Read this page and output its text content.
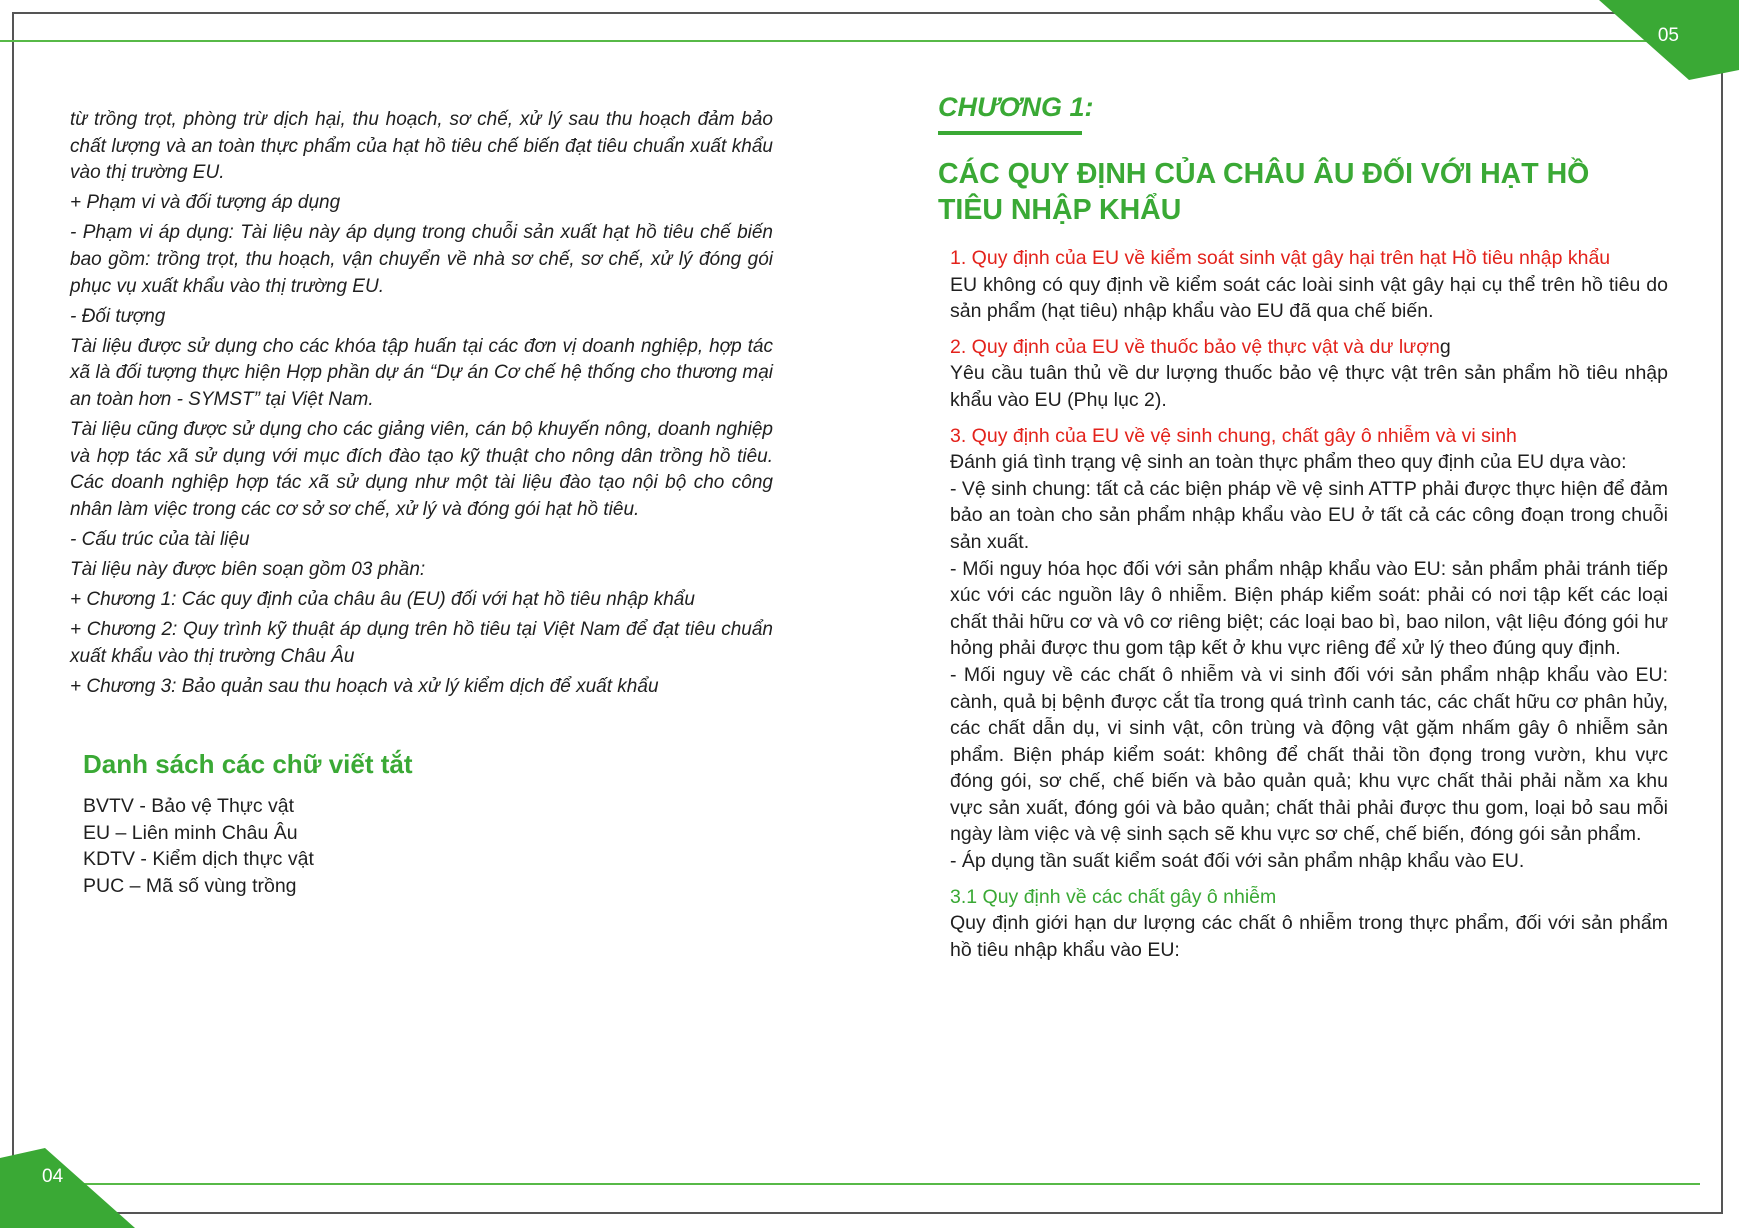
05
04

từ trồng trọt, phòng trừ dịch hại, thu hoạch, sơ chế, xử lý sau thu hoạch đảm bảo chất lượng và an toàn thực phẩm của hạt hồ tiêu chế biến đạt tiêu chuẩn xuất khẩu vào thị trường EU.

+ Phạm vi và đối tượng áp dụng

- Phạm vi áp dụng: Tài liệu này áp dụng trong chuỗi sản xuất hạt hồ tiêu chế biến bao gồm: trồng trọt, thu hoạch, vận chuyển về nhà sơ chế, sơ chế, xử lý đóng gói phục vụ xuất khẩu vào thị trường EU.

- Đối tượng

Tài liệu được sử dụng cho các khóa tập huấn tại các đơn vị doanh nghiệp, hợp tác xã là đối tượng thực hiện Hợp phần dự án “Dự án Cơ chế hệ thống cho thương mại an toàn hơn - SYMST” tại Việt Nam.

Tài liệu cũng được sử dụng cho các giảng viên, cán bộ khuyến nông, doanh nghiệp và hợp tác xã sử dụng với mục đích đào tạo kỹ thuật cho nông dân trồng hồ tiêu. Các doanh nghiệp hợp tác xã sử dụng như một tài liệu đào tạo nội bộ cho công nhân làm việc trong các cơ sở sơ chế, xử lý và đóng gói hạt hồ tiêu.

- Cấu trúc của tài liệu

Tài liệu này được biên soạn gồm 03 phần:

+ Chương 1: Các quy định của châu âu (EU) đối với hạt hồ tiêu nhập khẩu

+ Chương 2: Quy trình kỹ thuật áp dụng trên hồ tiêu tại Việt Nam để đạt tiêu chuẩn xuất khẩu vào thị trường Châu Âu

+ Chương 3: Bảo quản sau thu hoạch và xử lý kiểm dịch để xuất khẩu

Danh sách các chữ viết tắt
BVTV - Bảo vệ Thực vật
EU – Liên minh Châu Âu
KDTV - Kiểm dịch thực vật
PUC – Mã số vùng trồng
CHƯƠNG 1:
CÁC QUY ĐỊNH CỦA CHÂU ÂU ĐỐI VỚI HẠT HỒ TIÊU NHẬP KHẨU

1. Quy định của EU về kiểm soát sinh vật gây hại trên hạt Hồ tiêu nhập khẩu

EU không có quy định về kiểm soát các loài sinh vật gây hại cụ thể trên hồ tiêu do sản phẩm (hạt tiêu) nhập khẩu vào EU đã qua chế biến.

2. Quy định của EU về thuốc bảo vệ thực vật và dư lượng

Yêu cầu tuân thủ về dư lượng thuốc bảo vệ thực vật trên sản phẩm hồ tiêu nhập khẩu vào EU (Phụ lục 2).

3. Quy định của EU về vệ sinh chung, chất gây ô nhiễm và vi sinh

Đánh giá tình trạng vệ sinh an toàn thực phẩm theo quy định của EU dựa vào:

- Vệ sinh chung: tất cả các biện pháp về vệ sinh ATTP phải được thực hiện để đảm bảo an toàn cho sản phẩm nhập khẩu vào EU ở tất cả các công đoạn trong chuỗi sản xuất.

- Mối nguy hóa học đối với sản phẩm nhập khẩu vào EU: sản phẩm phải tránh tiếp xúc với các nguồn lây ô nhiễm. Biện pháp kiểm soát: phải có nơi tập kết các loại chất thải hữu cơ và vô cơ riêng biệt; các loại bao bì, bao nilon, vật liệu đóng gói hư hỏng phải được thu gom tập kết ở khu vực riêng để xử lý theo đúng quy định.

- Mối nguy về các chất ô nhiễm và vi sinh đối với sản phẩm nhập khẩu vào EU: cành, quả bị bệnh được cắt tỉa trong quá trình canh tác, các chất hữu cơ phân hủy, các chất dẫn dụ, vi sinh vật, côn trùng và động vật gặm nhấm gây ô nhiễm sản phẩm. Biện pháp kiểm soát: không để chất thải tồn đọng trong vườn, khu vực đóng gói, sơ chế, chế biến và bảo quản quả; khu vực chất thải phải nằm xa khu vực sản xuất, đóng gói và bảo quản; chất thải phải được thu gom, loại bỏ sau mỗi ngày làm việc và vệ sinh sạch sẽ khu vực sơ chế, chế biến, đóng gói sản phẩm.

- Áp dụng tần suất kiểm soát đối với sản phẩm nhập khẩu vào EU.

3.1 Quy định về các chất gây ô nhiễm

Quy định giới hạn dư lượng các chất ô nhiễm trong thực phẩm, đối với sản phẩm hồ tiêu nhập khẩu vào EU:
